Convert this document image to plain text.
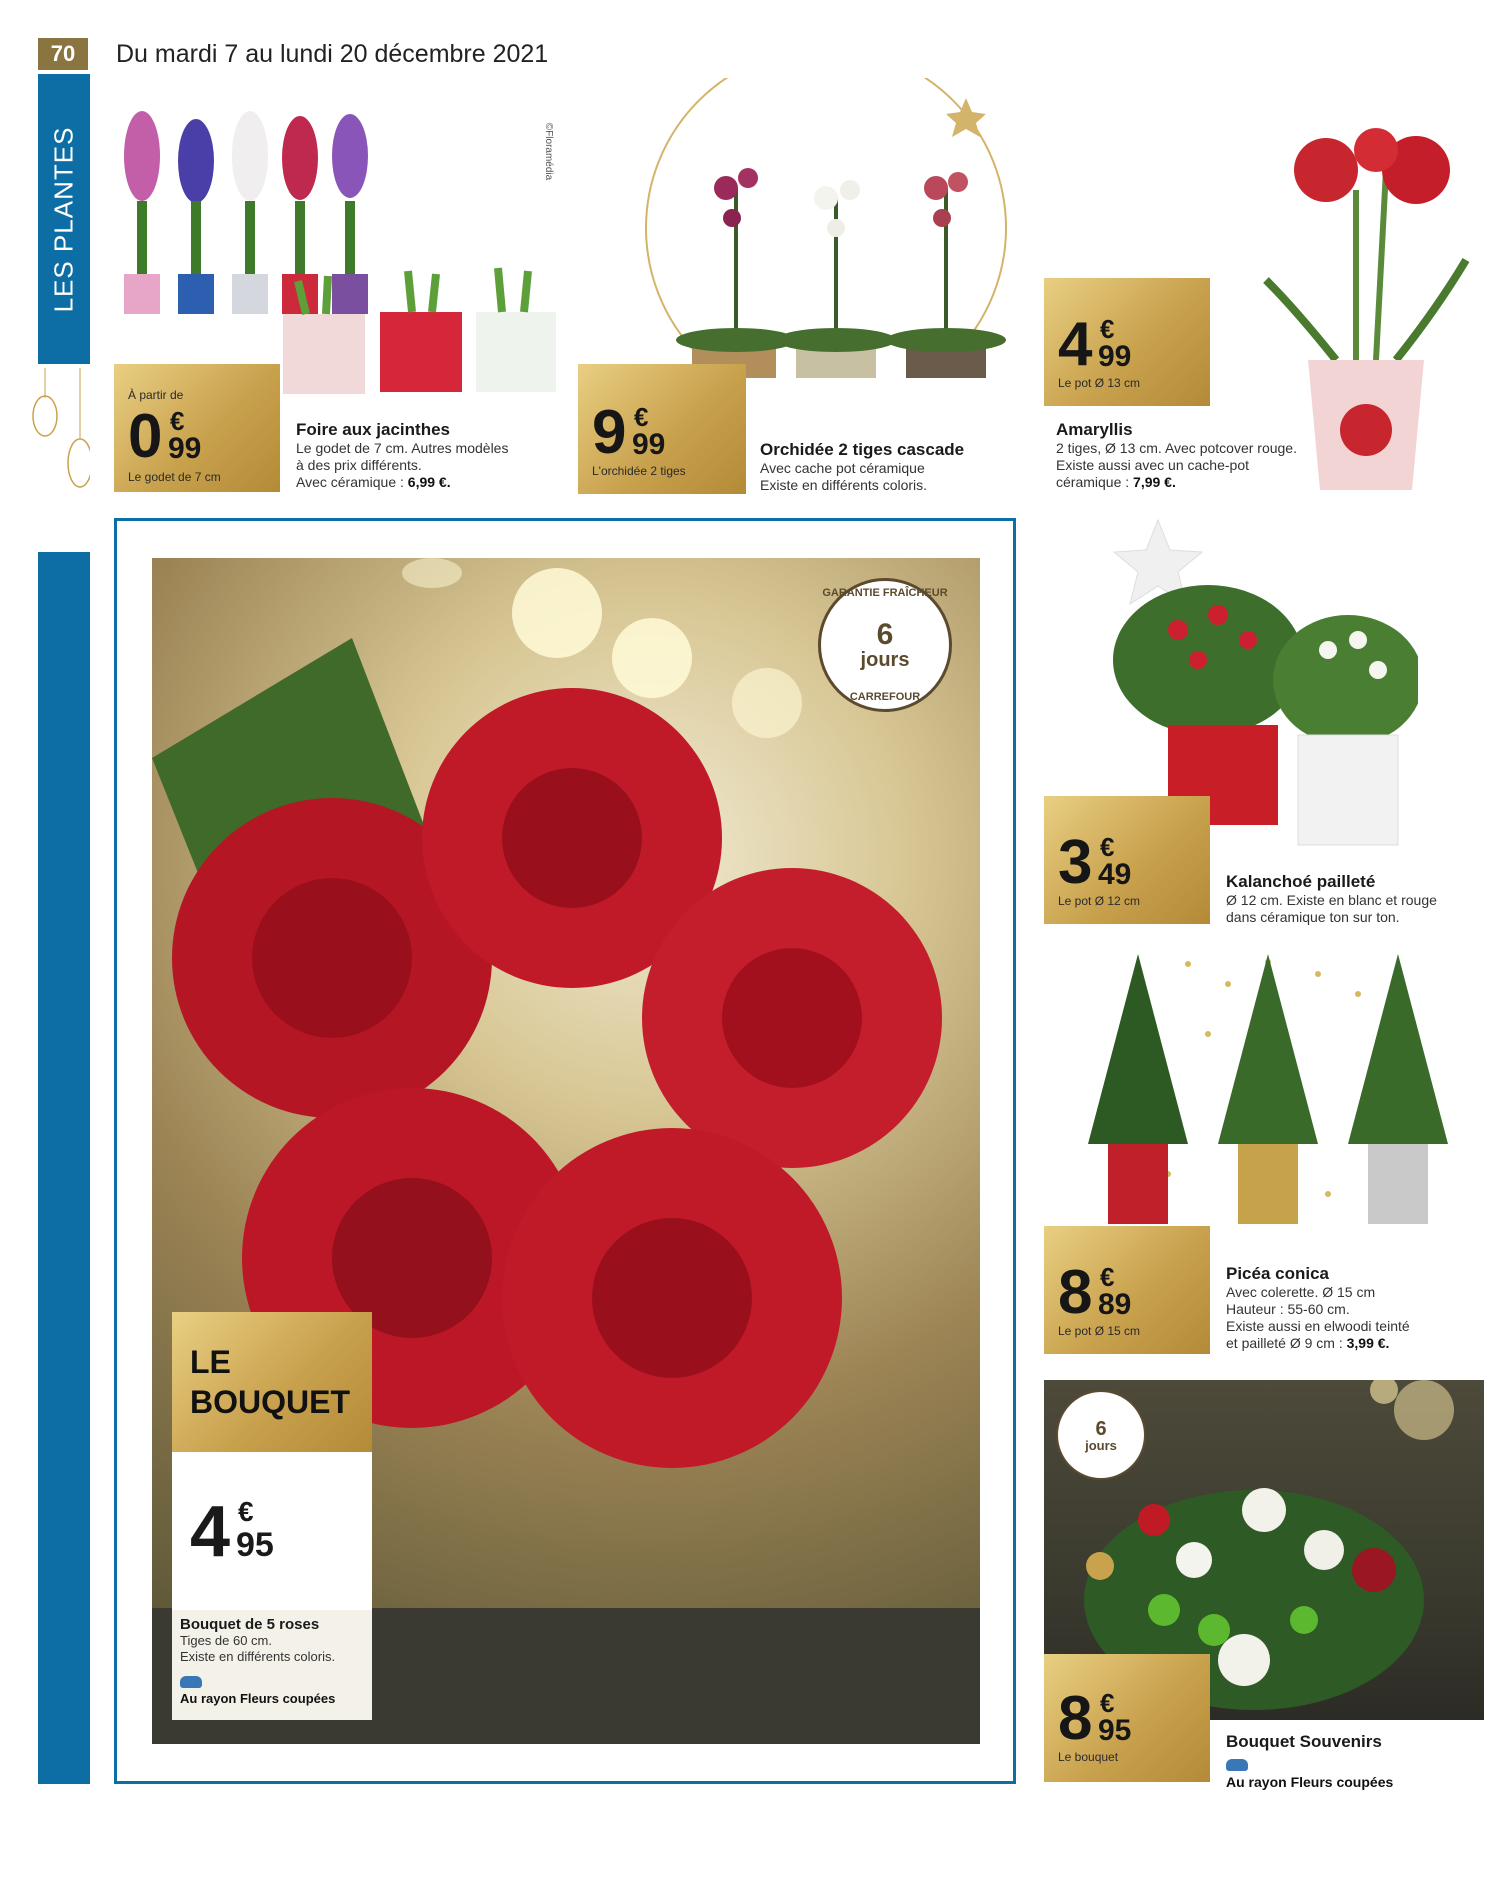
70	Du mardi 7 au lundi 20 décembre 2021
LES PLANTES	©Floramédia
À partir de
0 €
99
Le godet de 7 cm
Foire aux jacinthes
Le godet de 7 cm. Autres modèles
à des prix différents.
Avec céramique : 6,99 €.
9 €
99
L'orchidée 2 tiges
Orchidée 2 tiges cascade
Avec cache pot céramique
Existe en différents coloris.
4 €
99
Le pot Ø 13 cm
Amaryllis
2 tiges, Ø 13 cm. Avec potcover rouge.
Existe aussi avec un cache-pot
céramique : 7,99 €.
GARANTIE FRAÎCHEUR
6
jours
CARREFOUR
LE
BOUQUET
4 €
95
Bouquet de 5 roses
Tiges de 60 cm.
Existe en différents coloris.
Au rayon Fleurs coupées
3 €
49
Le pot Ø 12 cm
Kalanchoé pailleté
Ø 12 cm. Existe en blanc et rouge
dans céramique ton sur ton.
8 €
89
Le pot Ø 15 cm
Picéa conica
Avec colerette. Ø 15 cm
Hauteur : 55-60 cm.
Existe aussi en elwoodi teinté
et pailleté Ø 9 cm : 3,99 €.
6
jours
8 €
95
Le bouquet
Bouquet Souvenirs
Au rayon Fleurs coupées
